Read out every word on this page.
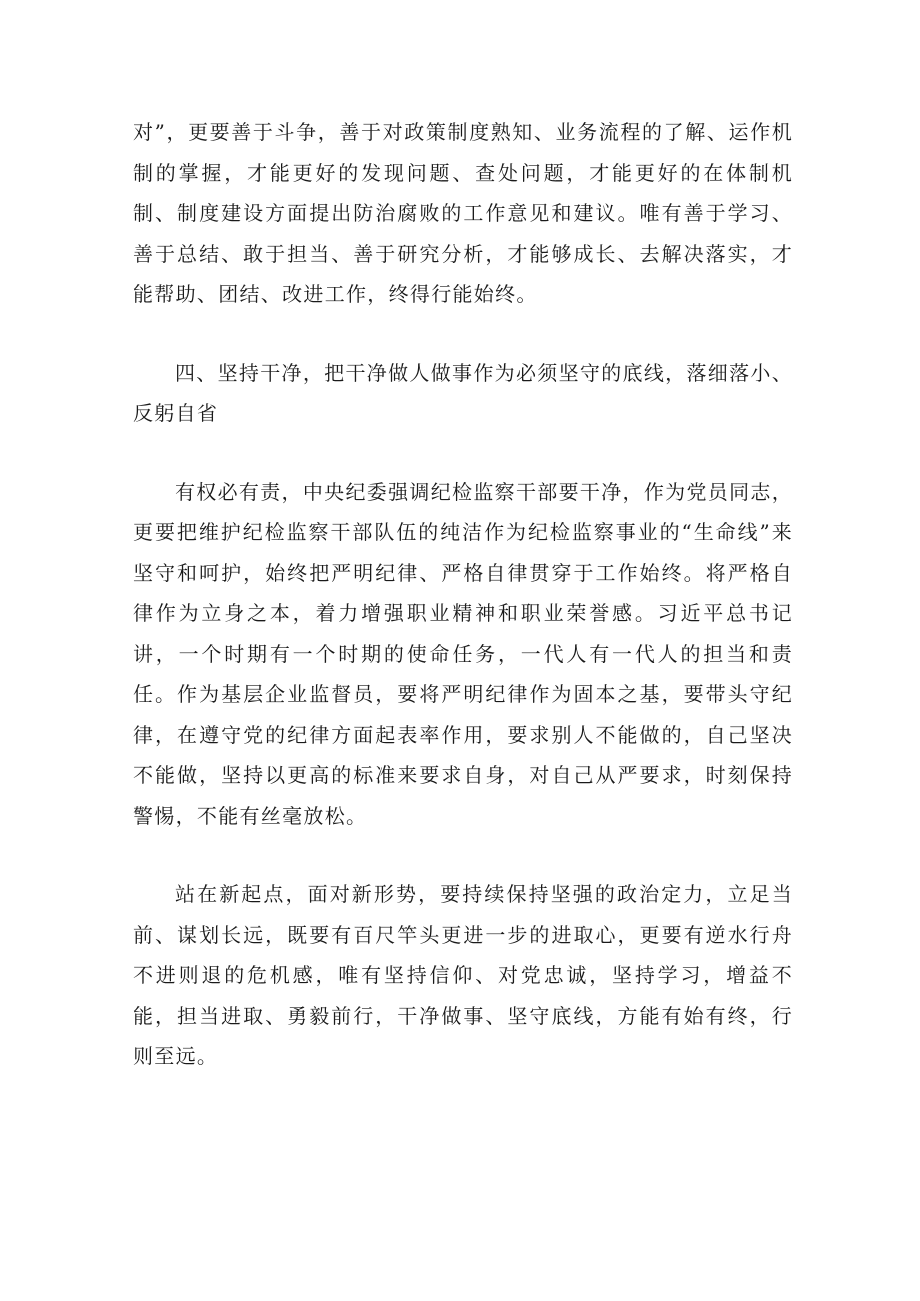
对”，更要善于斗争，善于对政策制度熟知、业务流程的了解、运作机制的掌握，才能更好的发现问题、查处问题，才能更好的在体制机制、制度建设方面提出防治腐败的工作意见和建议。唯有善于学习、善于总结、敢于担当、善于研究分析，才能够成长、去解决落实，才能帮助、团结、改进工作，终得行能始终。

四、坚持干净，把干净做人做事作为必须坚守的底线，落细落小、反躬自省

有权必有责，中央纪委强调纪检监察干部要干净，作为党员同志，更要把维护纪检监察干部队伍的纯洁作为纪检监察事业的“生命线”来坚守和呵护，始终把严明纪律、严格自律贯穿于工作始终。将严格自律作为立身之本，着力增强职业精神和职业荣誉感。习近平总书记讲，一个时期有一个时期的使命任务，一代人有一代人的担当和责任。作为基层企业监督员，要将严明纪律作为固本之基，要带头守纪律，在遵守党的纪律方面起表率作用，要求别人不能做的，自己坚决不能做，坚持以更高的标准来要求自身，对自己从严要求，时刻保持警惕，不能有丝毫放松。

站在新起点，面对新形势，要持续保持坚强的政治定力，立足当前、谋划长远，既要有百尺竿头更进一步的进取心，更要有逆水行舟不进则退的危机感，唯有坚持信仰、对党忠诚，坚持学习，增益不能，担当进取、勇毅前行，干净做事、坚守底线，方能有始有终，行则至远。
